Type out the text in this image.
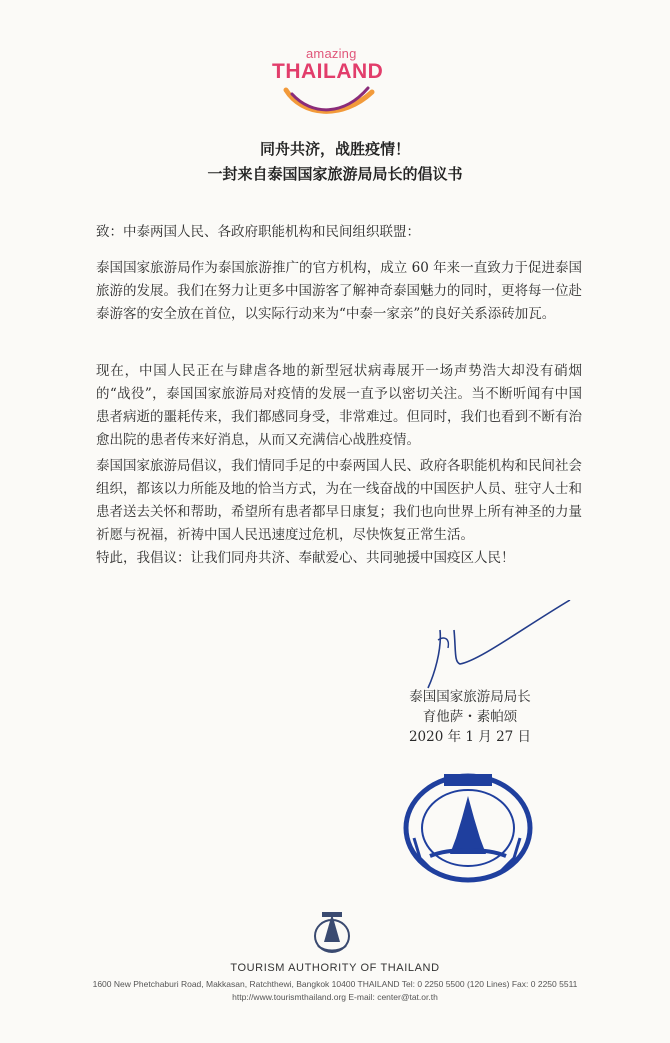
amazing
THAILAND
同舟共济，战胜疫情！
一封来自泰国国家旅游局局长的倡议书
致：中泰两国人民、各政府职能机构和民间组织联盟：
泰国国家旅游局作为泰国旅游推广的官方机构，成立 60 年来一直致力于促进泰国旅游的发展。我们在努力让更多中国游客了解神奇泰国魅力的同时，更将每一位赴泰游客的安全放在首位，以实际行动来为“中泰一家亲”的良好关系添砖加瓦。
现在，中国人民正在与肆虐各地的新型冠状病毒展开一场声势浩大却没有硝烟的“战役”，泰国国家旅游局对疫情的发展一直予以密切关注。当不断听闻有中国患者病逝的噩耗传来，我们都感同身受，非常难过。但同时，我们也看到不断有治愈出院的患者传来好消息，从而又充满信心战胜疫情。
泰国国家旅游局倡议，我们情同手足的中泰两国人民、政府各职能机构和民间社会组织，都该以力所能及地的恰当方式，为在一线奋战的中国医护人员、驻守人士和患者送去关怀和帮助，希望所有患者都早日康复；我们也向世界上所有神圣的力量祈愿与祝福，祈祷中国人民迅速度过危机，尽快恢复正常生活。
特此，我倡议：让我们同舟共济、奉献爱心、共同驰援中国疫区人民！
泰国国家旅游局局长
育他萨・素帕颂
2020 年 1 月 27 日
TOURISM AUTHORITY OF THAILAND
1600 New Phetchaburi Road, Makkasan, Ratchthewi, Bangkok 10400 THAILAND Tel: 0 2250 5500 (120 Lines) Fax: 0 2250 5511
http://www.tourismthailand.org E-mail: center@tat.or.th
